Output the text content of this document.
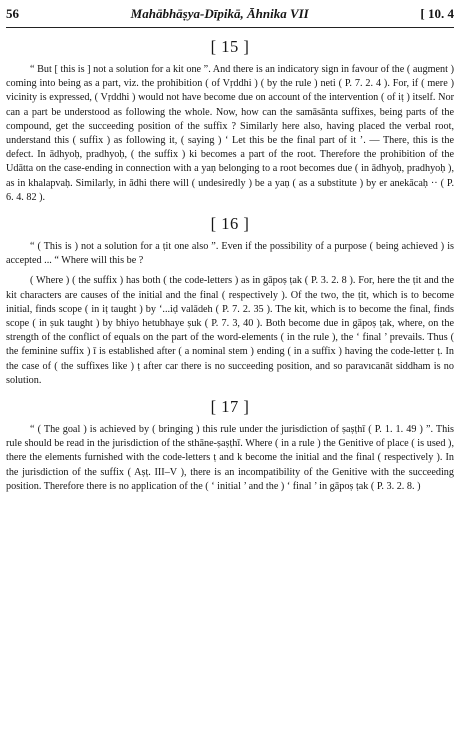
56	Mahābhāṣya-Dīpikā, Āhnika VII	[ 10. 4
[ 15 ]

“ But [ this is ] not a solution for a kit one ”. And there is an indicatory sign in favour of the ( augment ) coming into being as a part, viz. the prohibition ( of Vṛddhi ) ( by the rule ) neti ( P. 7. 2. 4 ). For, if ( mere ) vicinity is expressed, ( Vṛddhi ) would not have become due on account of the intervention ( of iṭ ) itself. Nor can a part be understood as following the whole. Now, how can the samāsānta suffixes, being parts of the compound, get the succeeding position of the suffix ? Similarly here also, having placed the verbal root, understand this ( suffix ) as following it, ( saying ) ‘ Let this be the final part of it ’. — There, this is the defect. In ādhyoḥ, pradhyoḥ, ( the suffix ) ki becomes a part of the root. Therefore the prohibition of the Udātta on the case-ending in connection with a yaṇ belonging to a root becomes due ( in ādhyoḥ, pradhyoḥ ), as in khalapvaḥ. Similarly, in ādhi there will ( undesiredly ) be a yaṇ ( as a substitute ) by er anekācaḥ ·· ( P. 6. 4. 82 ).

[ 16 ]

“ ( This is ) not a solution for a ṭit one also ”. Even if the possibility of a purpose ( being achieved ) is accepted ... “ Where will this be ?

( Where ) ( the suffix ) has both ( the code-letters ) as in gāpoṣ ṭak ( P. 3. 2. 8 ). For, here the ṭit and the kit characters are causes of the initial and the final ( respectively ). Of the two, the ṭit, which is to become initial, finds scope ( in iṭ taught ) by ‘...iḍ valādeh ( P. 7. 2. 35 ). The kit, which is to become the final, finds scope ( in ṣuk taught ) by bhiyo hetubhaye ṣuk ( P. 7. 3, 40 ). Both become due in gāpoṣ ṭak, where, on the strength of the conflict of equals on the part of the word-elements ( in the rule ), the ‘ final ’ prevails. Thus ( the feminine suffix ) ī is established after ( a nominal stem ) ending ( in a suffix ) having the code-letter ṭ. In the case of ( the suffixes like ) ṭ after car there is no succeeding position, and so paravıcanāt siddham is no solution.

[ 17 ]

“ ( The goal ) is achieved by ( bringing ) this rule under the jurisdiction of ṣaṣṭhī ( P. 1. 1. 49 ) ”. This rule should be read in the jurisdiction of the sthāne-ṣaṣṭhī. Where ( in a rule ) the Genitive of place ( is used ), there the elements furnished with the code-letters ṭ and k become the initial and the final ( respectively ). In the jurisdiction of the suffix ( Aṣṭ. III–V ), there is an incompatibility of the Genitive with the succeeding position. Therefore there is no application of the ( ‘ initial ’ and the ) ‘ final ’ in gāpoṣ ṭak ( P. 3. 2. 8. )
